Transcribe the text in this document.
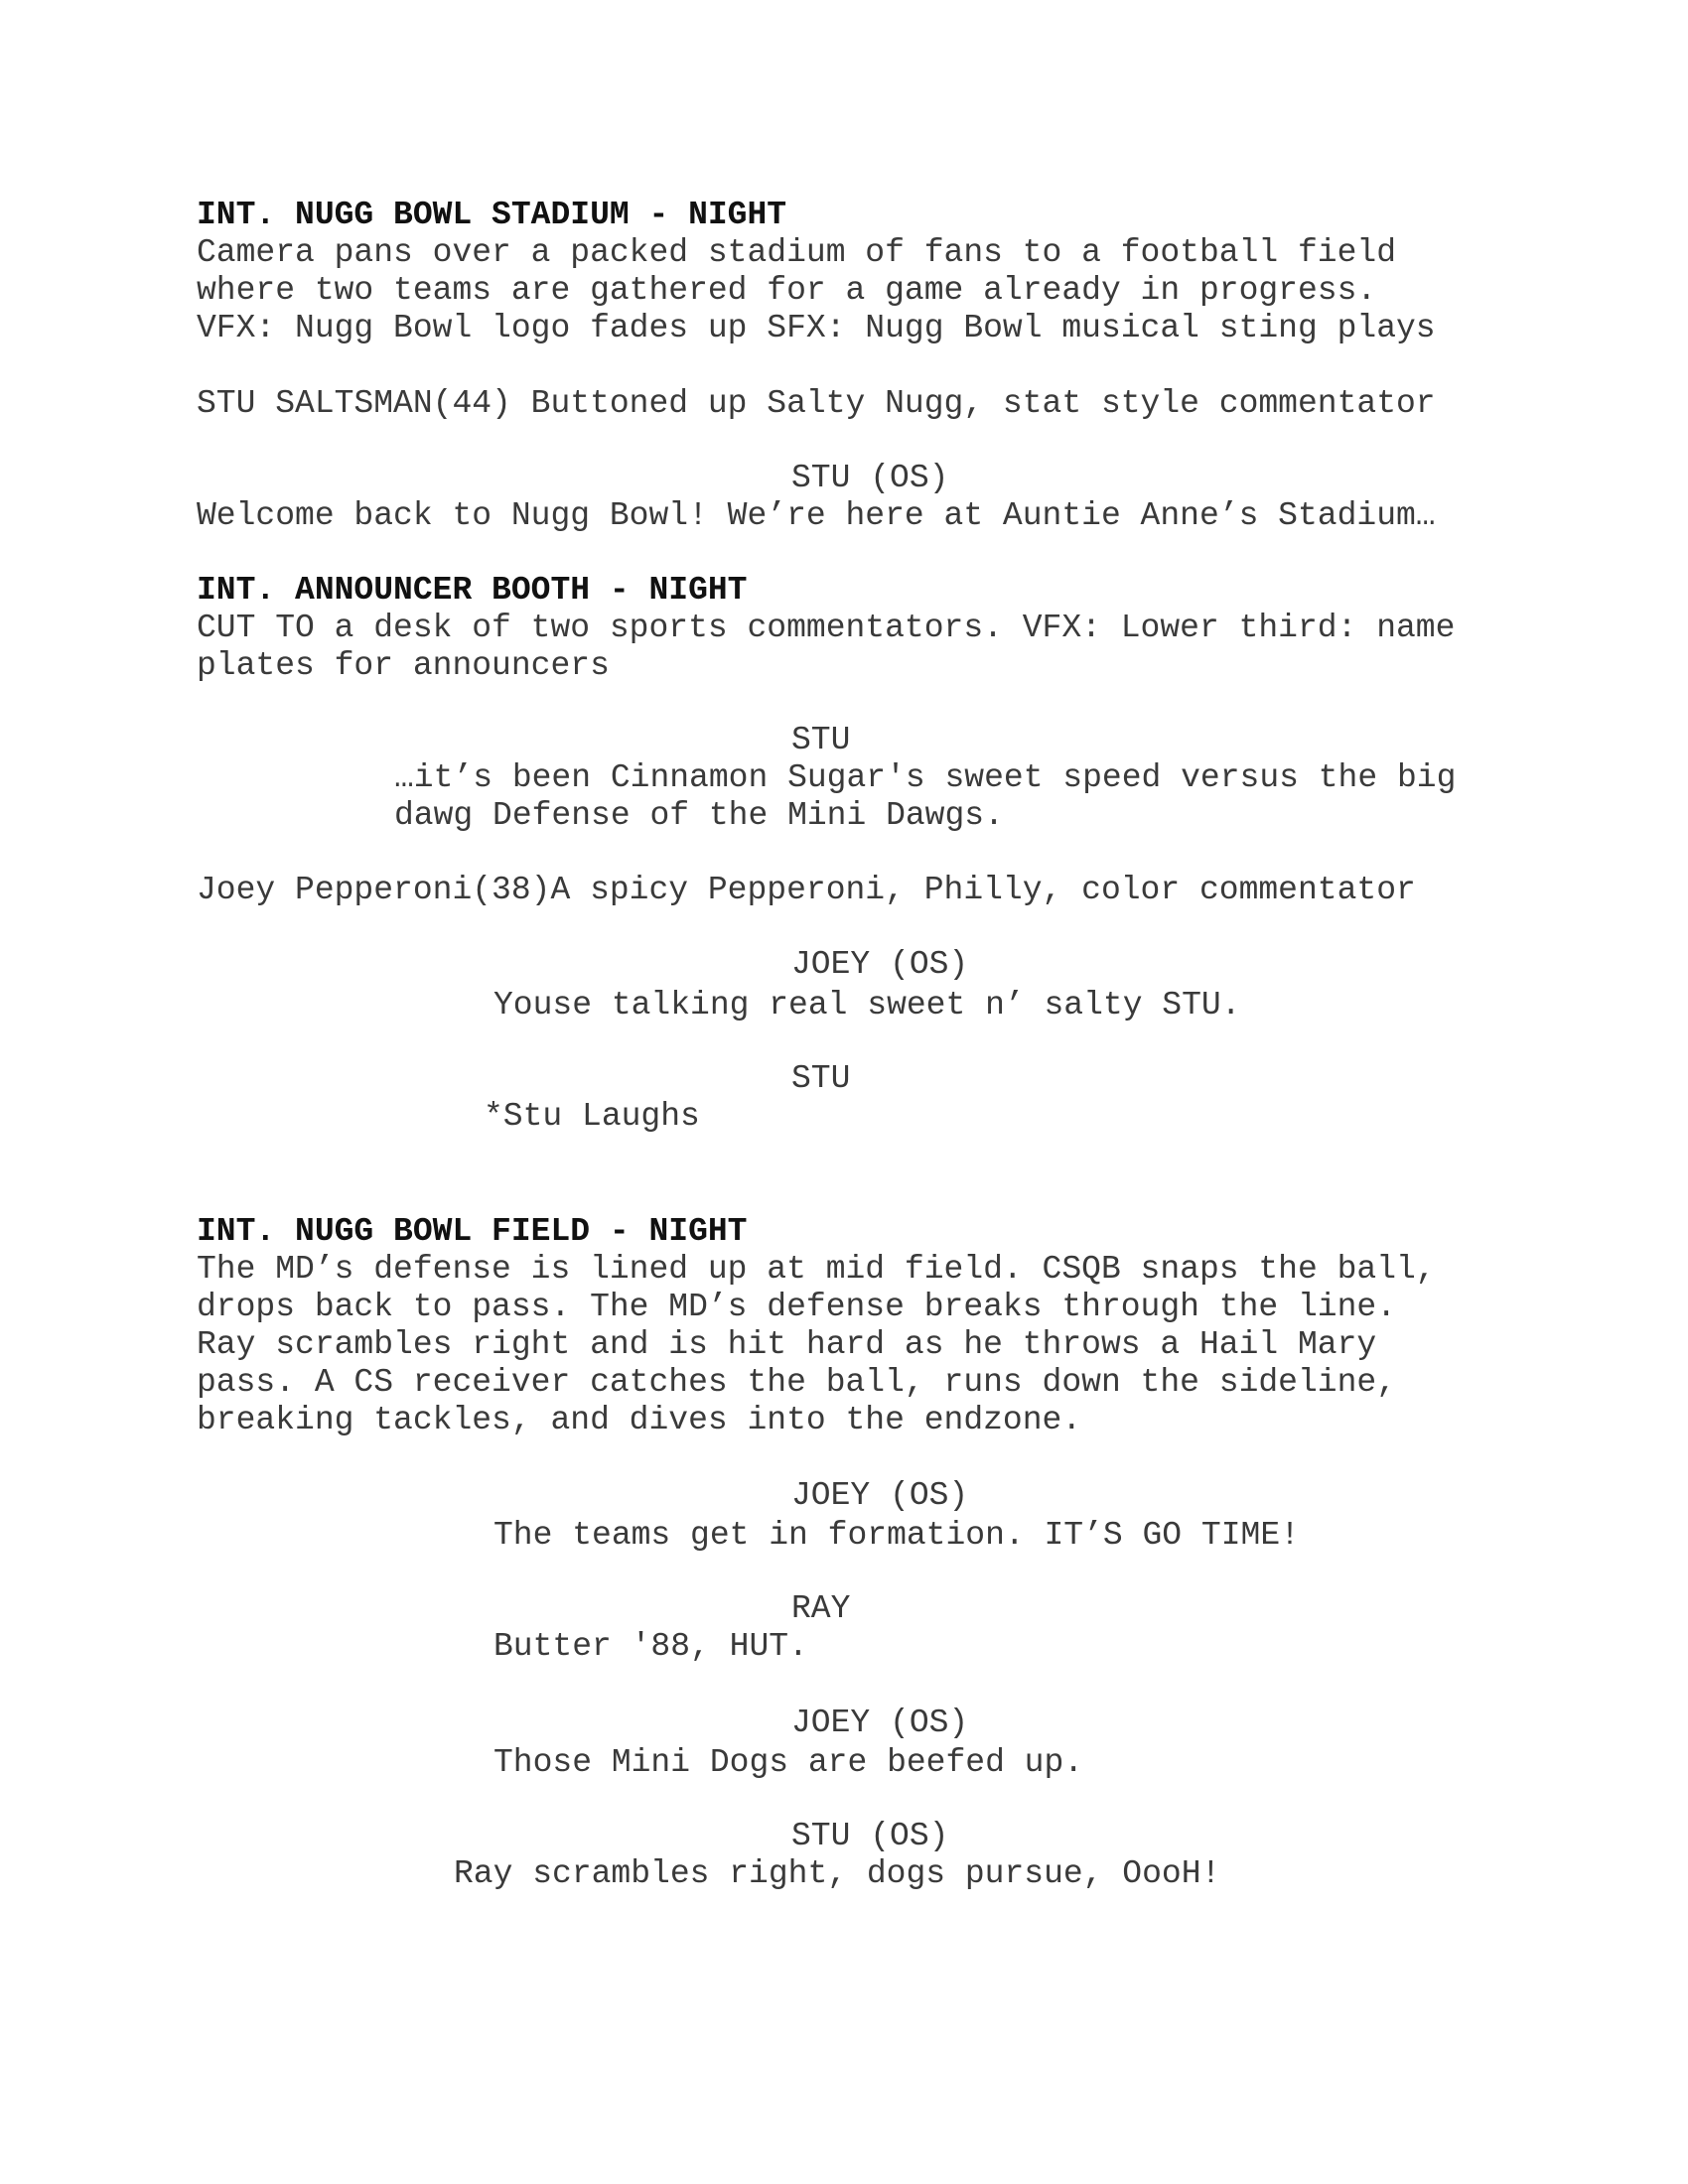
INT. NUGG BOWL STADIUM - NIGHT

Camera pans over a packed stadium of fans to a football field

where two teams are gathered for a game already in progress.

VFX: Nugg Bowl logo fades up SFX: Nugg Bowl musical sting plays

STU SALTSMAN(44) Buttoned up Salty Nugg, stat style commentator

STU (OS)

Welcome back to Nugg Bowl! We’re here at Auntie Anne’s Stadium…

INT. ANNOUNCER BOOTH - NIGHT

CUT TO a desk of two sports commentators. VFX: Lower third: name

plates for announcers

STU

…it’s been Cinnamon Sugar's sweet speed versus the big

dawg Defense of the Mini Dawgs.

Joey Pepperoni(38)A spicy Pepperoni, Philly, color commentator

JOEY (OS)

Youse talking real sweet n’ salty STU.

STU

*Stu Laughs

INT. NUGG BOWL FIELD - NIGHT

The MD’s defense is lined up at mid field. CSQB snaps the ball,

drops back to pass. The MD’s defense breaks through the line.

Ray scrambles right and is hit hard as he throws a Hail Mary

pass. A CS receiver catches the ball, runs down the sideline,

breaking tackles, and dives into the endzone.

JOEY (OS)

The teams get in formation. IT’S GO TIME!

RAY

Butter '88, HUT.

JOEY (OS)

Those Mini Dogs are beefed up.

STU (OS)

Ray scrambles right, dogs pursue, OooH!
